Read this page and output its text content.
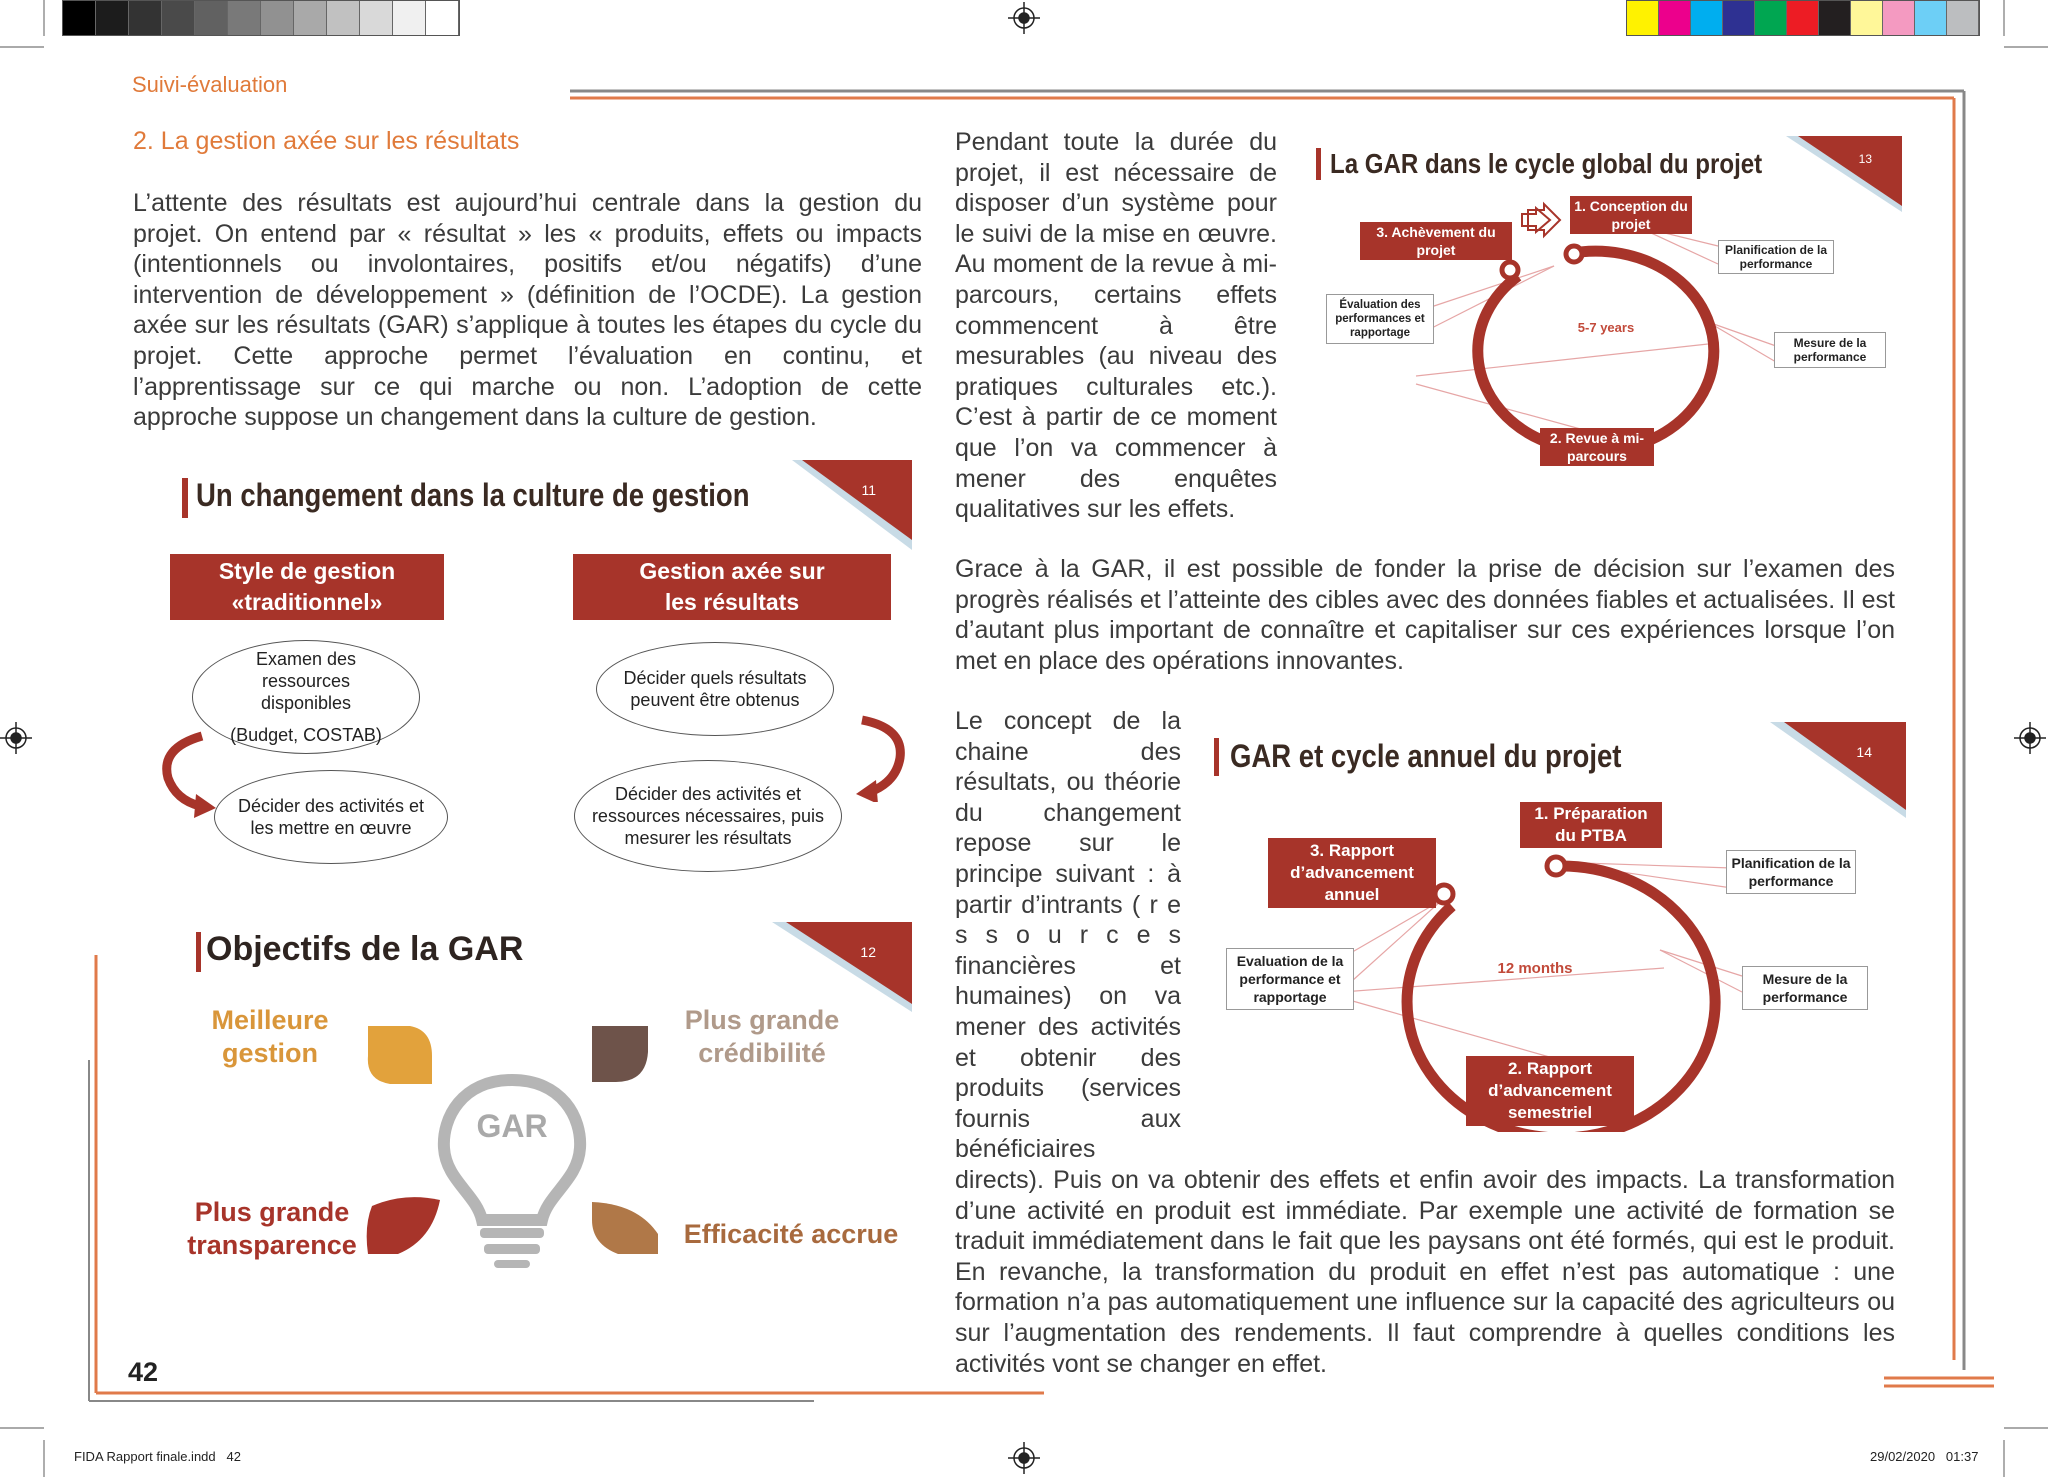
Suivi-évaluation
2. La gestion axée sur les résultats
L’attente des résultats est aujourd’hui centrale dans la gestion du projet. On entend par « résultat » les « produits, effets ou impacts (intentionnels ou involontaires, positifs et/ou négatifs) d’une intervention de développement » (définition de l’OCDE). La gestion axée sur les résultats (GAR) s’applique à toutes les étapes du cycle du projet. Cette approche permet l’évaluation en continu, et l’apprentissage sur ce qui marche ou non. L’adoption de cette approche suppose un changement dans la culture de gestion.
11
Un changement dans la culture de gestion
Style de gestion «traditionnel»
Gestion axée sur les résultats
Examen des ressources disponibles
(Budget, COSTAB)
Décider des activités et les mettre en œuvre
Décider quels résultats peuvent être obtenus
Décider des activités et ressources nécessaires, puis mesurer les résultats
12
Objectifs de la GAR
Meilleure gestion
Plus grande crédibilité
Plus grande transparence	Efficacité accrue
GAR
Pendant toute la durée du projet, il est nécessaire de disposer d’un système pour le suivi de la mise en œuvre. Au moment de la revue à mi-parcours, certains effets commencent à être mesurables (au niveau des pratiques culturales etc.). C’est à partir de ce moment que l’on va commencer à mener des enquêtes qualitatives sur les effets.
13
La GAR dans le cycle global du projet
1. Conception du projet
3. Achèvement du projet
2. Revue à mi-parcours
5-7 years
Planification de la performance
Mesure de la performance
Évaluation des performances et rapportage
Grace à la GAR, il est possible de fonder la prise de décision sur l’examen des progrès réalisés et l’atteinte des cibles avec des données fiables et actualisées. Il est d’autant plus important de connaître et capitaliser sur ces expériences lorsque l’on met en place des opérations innovantes.
Le concept de la chaine des résultats, ou théorie du changement repose sur le principe suivant : à partir d’intrants ( r e s s o u r c e s financières et humaines) on va mener des activités et obtenir des produits (services fournis aux bénéficiaires
directs). Puis on va obtenir des effets et enfin avoir des impacts. La transformation d’une activité en produit est immédiate. Par exemple une activité de formation se traduit immédiatement dans le fait que les paysans ont été formés, qui est le produit. En revanche, la transformation du produit en effet n’est pas automatique : une formation n’a pas automatiquement une influence sur la capacité des agriculteurs ou sur l’augmentation des rendements. Il faut comprendre à quelles conditions les activités vont se changer en effet.
14
GAR et cycle annuel du projet
1. Préparation du PTBA
3. Rapport d’advancement annuel
2. Rapport d’advancement semestriel
12 months
Planification de la performance
Mesure de la performance
Evaluation de la performance et rapportage
42
FIDA Rapport finale.indd   42	29/02/2020   01:37
